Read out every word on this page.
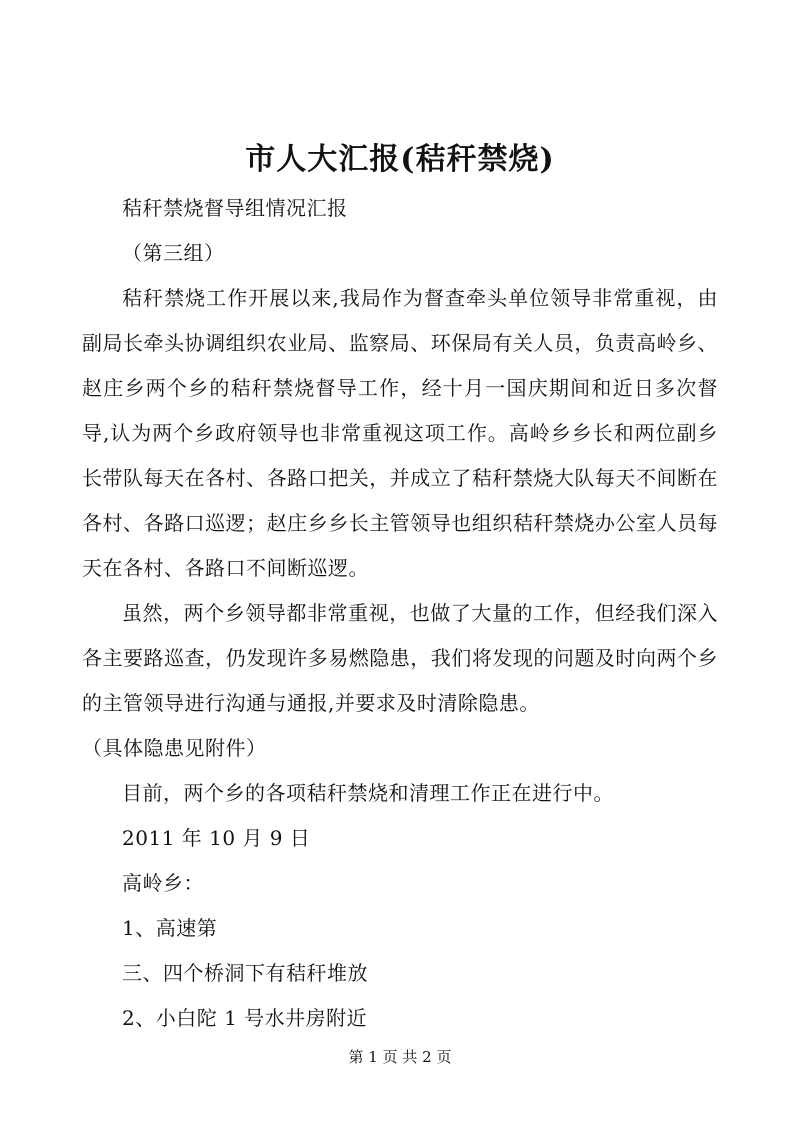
市人大汇报(秸秆禁烧)

秸秆禁烧督导组情况汇报

（第三组）

秸秆禁烧工作开展以来,我局作为督查牵头单位领导非常重视，由副局长牵头协调组织农业局、监察局、环保局有关人员，负责高岭乡、赵庄乡两个乡的秸秆禁烧督导工作，经十月一国庆期间和近日多次督导,认为两个乡政府领导也非常重视这项工作。高岭乡乡长和两位副乡长带队每天在各村、各路口把关，并成立了秸秆禁烧大队每天不间断在各村、各路口巡逻；赵庄乡乡长主管领导也组织秸秆禁烧办公室人员每天在各村、各路口不间断巡逻。

虽然，两个乡领导都非常重视，也做了大量的工作，但经我们深入各主要路巡查，仍发现许多易燃隐患，我们将发现的问题及时向两个乡的主管领导进行沟通与通报,并要求及时清除隐患。

（具体隐患见附件）

目前，两个乡的各项秸秆禁烧和清理工作正在进行中。

2011 年 10 月 9 日

高岭乡：

1、高速第

三、四个桥洞下有秸秆堆放

2、小白陀 1 号水井房附近

第 1 页 共 2 页
